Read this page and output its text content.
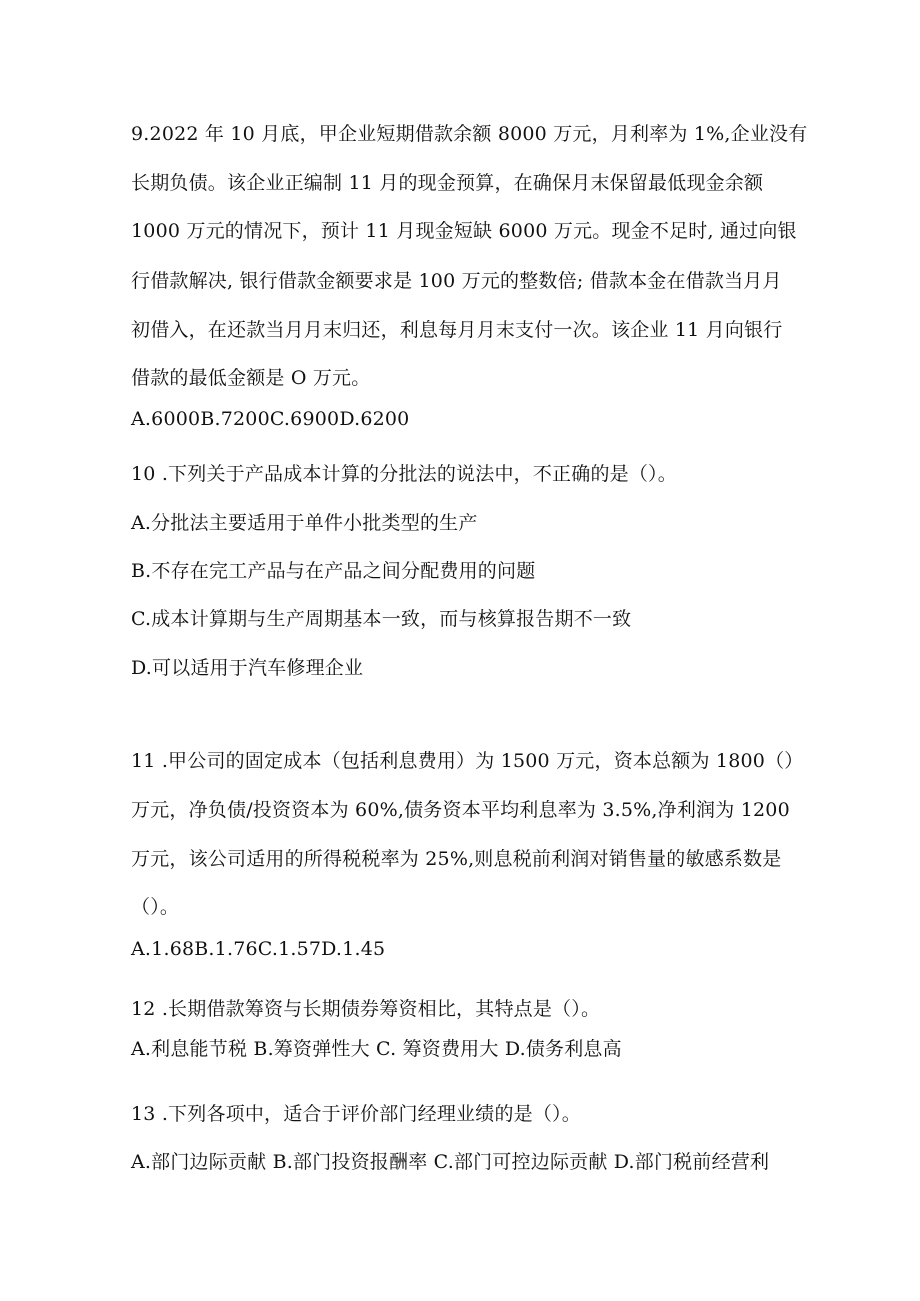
9.2022 年 10 月底，甲企业短期借款余额 8000 万元，月利率为 1%,企业没有
长期负债。该企业正编制 11 月的现金预算，在确保月末保留最低现金余额
1000 万元的情况下，预计 11 月现金短缺 6000 万元。现金不足时, 通过向银
行借款解决, 银行借款金额要求是 100 万元的整数倍; 借款本金在借款当月月
初借入，在还款当月月末归还，利息每月月末支付一次。该企业 11 月向银行
借款的最低金额是 O 万元。
A.6000B.7200C.6900D.6200
10 .下列关于产品成本计算的分批法的说法中，不正确的是（）。
A.分批法主要适用于单件小批类型的生产
B.不存在完工产品与在产品之间分配费用的问题
C.成本计算期与生产周期基本一致，而与核算报告期不一致
D.可以适用于汽车修理企业
11 .甲公司的固定成本（包括利息费用）为 1500 万元，资本总额为 1800（）
万元，净负债/投资资本为 60%,债务资本平均利息率为 3.5%,净利润为 1200
万元，该公司适用的所得税税率为 25%,则息税前利润对销售量的敏感系数是
（）。
A.1.68B.1.76C.1.57D.1.45
12 .长期借款筹资与长期债券筹资相比，其特点是（）。
A.利息能节税 B.筹资弹性大 C. 筹资费用大 D.债务利息高
13 .下列各项中，适合于评价部门经理业绩的是（）。
A.部门边际贡献 B.部门投资报酬率 C.部门可控边际贡献 D.部门税前经营利
